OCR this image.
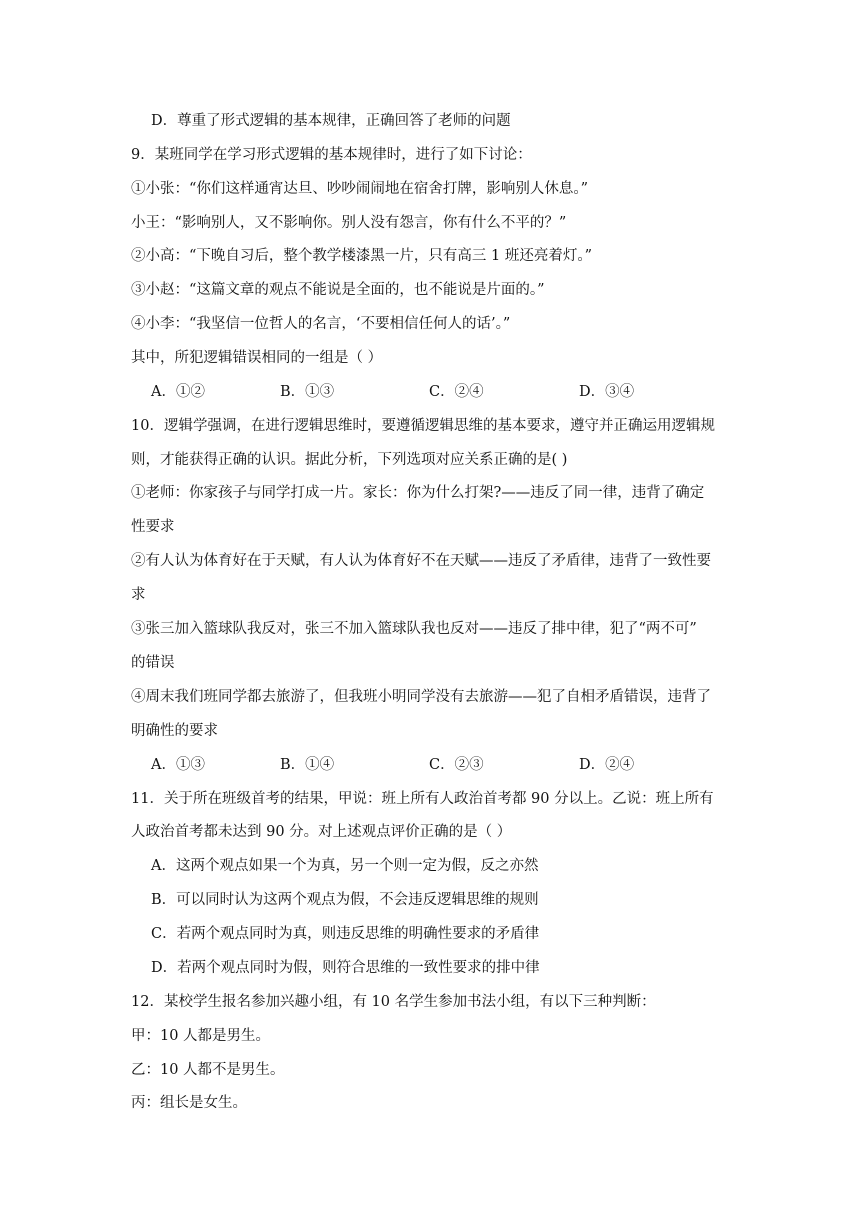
D．尊重了形式逻辑的基本规律，正确回答了老师的问题
9．某班同学在学习形式逻辑的基本规律时，进行了如下讨论：
①小张：“你们这样通宵达旦、吵吵闹闹地在宿舍打牌，影响别人休息。”
小王：“影响别人，又不影响你。别人没有怨言，你有什么不平的？”
②小高：“下晚自习后，整个教学楼漆黑一片，只有高三 1 班还亮着灯。”
③小赵：“这篇文章的观点不能说是全面的，也不能说是片面的。”
④小李：“我坚信一位哲人的名言，‘不要相信任何人的话’。”
其中，所犯逻辑错误相同的一组是（ ）
A．①②	B．①③	C．②④	D．③④
10．逻辑学强调，在进行逻辑思维时，要遵循逻辑思维的基本要求，遵守并正确运用逻辑规
则，才能获得正确的认识。据此分析，下列选项对应关系正确的是( )
①老师：你家孩子与同学打成一片。家长：你为什么打架?——违反了同一律，违背了确定
性要求
②有人认为体育好在于天赋，有人认为体育好不在天赋——违反了矛盾律，违背了一致性要
求
③张三加入篮球队我反对，张三不加入篮球队我也反对——违反了排中律，犯了“两不可”
的错误
④周末我们班同学都去旅游了，但我班小明同学没有去旅游——犯了自相矛盾错误，违背了
明确性的要求
A．①③	B．①④	C．②③	D．②④
11．关于所在班级首考的结果，甲说：班上所有人政治首考都 90 分以上。乙说：班上所有
人政治首考都未达到 90 分。对上述观点评价正确的是（ ）
A．这两个观点如果一个为真，另一个则一定为假，反之亦然
B．可以同时认为这两个观点为假，不会违反逻辑思维的规则
C．若两个观点同时为真，则违反思维的明确性要求的矛盾律
D．若两个观点同时为假，则符合思维的一致性要求的排中律
12．某校学生报名参加兴趣小组，有 10 名学生参加书法小组，有以下三种判断：
甲：10 人都是男生。
乙：10 人都不是男生。
丙：组长是女生。
